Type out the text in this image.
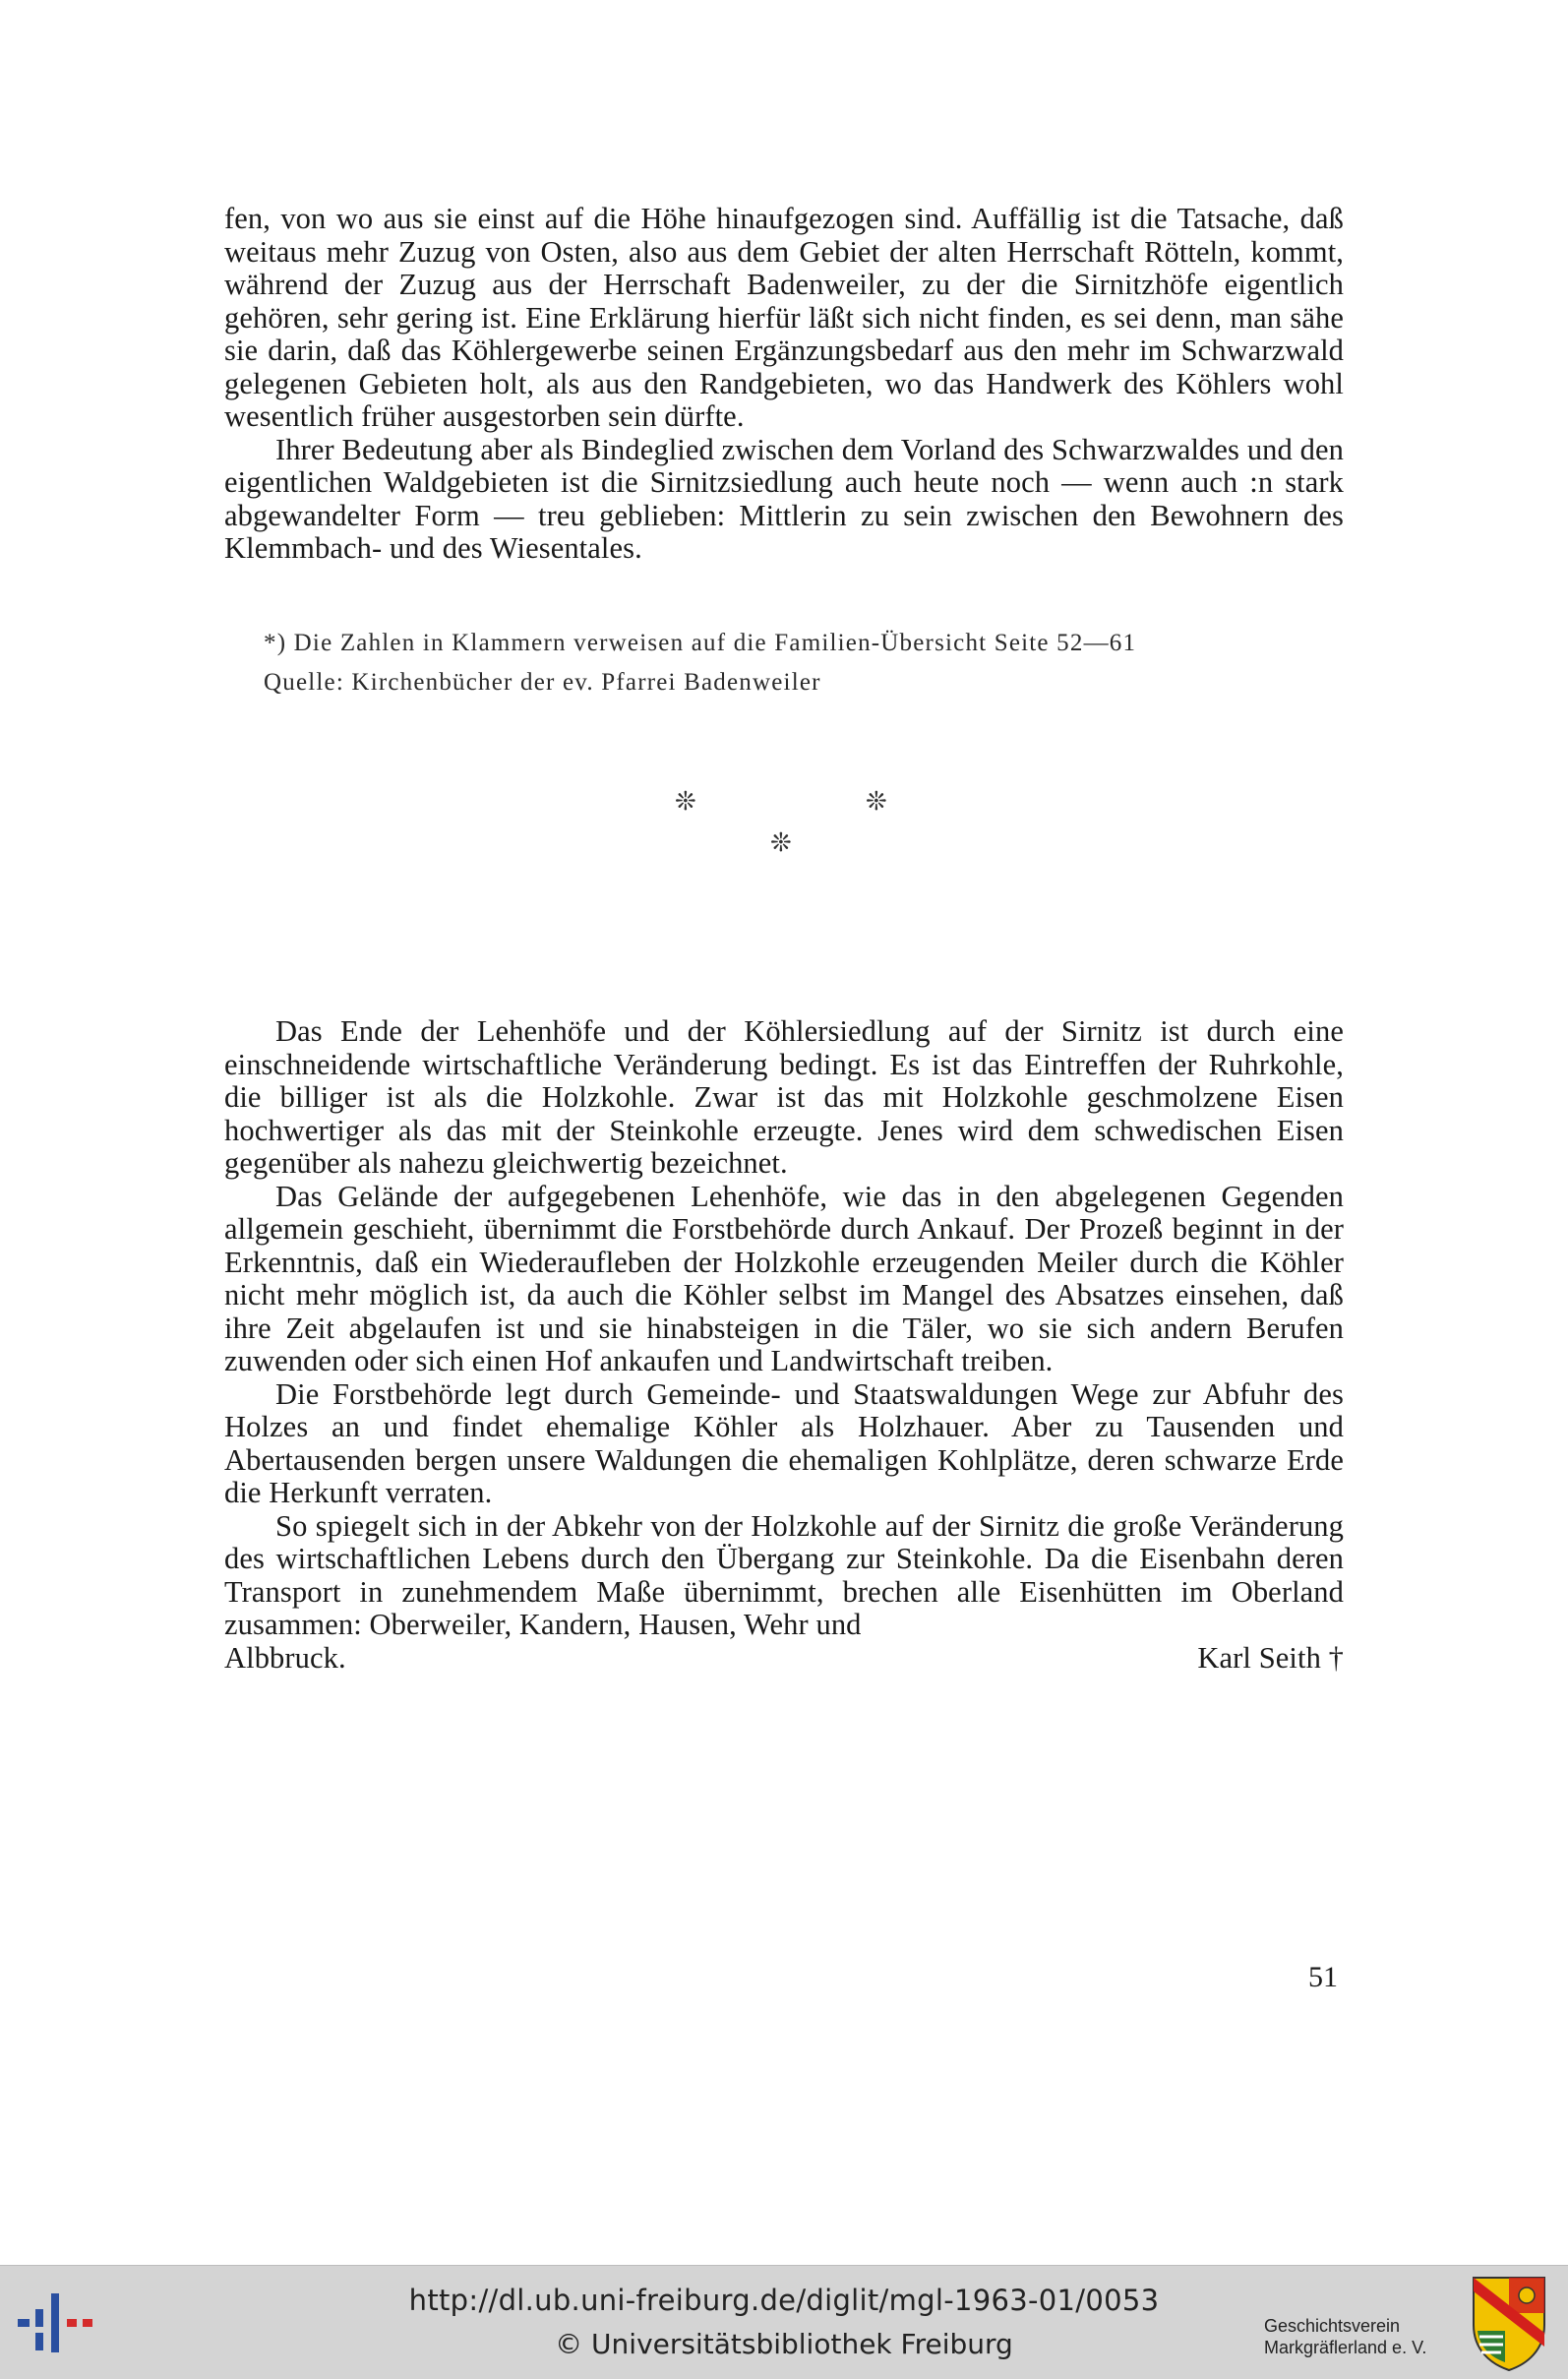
fen, von wo aus sie einst auf die Höhe hinaufgezogen sind. Auffällig ist die Tatsache, daß weitaus mehr Zuzug von Osten, also aus dem Gebiet der alten Herrschaft Rötteln, kommt, während der Zuzug aus der Herrschaft Badenweiler, zu der die Sirnitzhöfe eigentlich gehören, sehr gering ist. Eine Erklärung hierfür läßt sich nicht finden, es sei denn, man sähe sie darin, daß das Köhlergewerbe seinen Ergänzungsbedarf aus den mehr im Schwarzwald gelegenen Gebieten holt, als aus den Randgebieten, wo das Handwerk des Köhlers wohl wesentlich früher ausgestorben sein dürfte.

Ihrer Bedeutung aber als Bindeglied zwischen dem Vorland des Schwarzwaldes und den eigentlichen Waldgebieten ist die Sirnitzsiedlung auch heute noch — wenn auch :n stark abgewandelter Form — treu geblieben: Mittlerin zu sein zwischen den Bewohnern des Klemmbach- und des Wiesentales.

*) Die Zahlen in Klammern verweisen auf die Familien-Übersicht Seite 52—61
Quelle: Kirchenbücher der ev. Pfarrei Badenweiler
❊	❊
❊

Das Ende der Lehenhöfe und der Köhlersiedlung auf der Sirnitz ist durch eine einschneidende wirtschaftliche Veränderung bedingt. Es ist das Eintreffen der Ruhrkohle, die billiger ist als die Holzkohle. Zwar ist das mit Holzkohle geschmolzene Eisen hochwertiger als das mit der Steinkohle erzeugte. Jenes wird dem schwedischen Eisen gegenüber als nahezu gleichwertig bezeichnet.

Das Gelände der aufgegebenen Lehenhöfe, wie das in den abgelegenen Gegenden allgemein geschieht, übernimmt die Forstbehörde durch Ankauf. Der Prozeß beginnt in der Erkenntnis, daß ein Wiederaufleben der Holzkohle erzeugenden Meiler durch die Köhler nicht mehr möglich ist, da auch die Köhler selbst im Mangel des Absatzes einsehen, daß ihre Zeit abgelaufen ist und sie hinabsteigen in die Täler, wo sie sich andern Berufen zuwenden oder sich einen Hof ankaufen und Landwirtschaft treiben.

Die Forstbehörde legt durch Gemeinde- und Staatswaldungen Wege zur Abfuhr des Holzes an und findet ehemalige Köhler als Holzhauer. Aber zu Tausenden und Abertausenden bergen unsere Waldungen die ehemaligen Kohlplätze, deren schwarze Erde die Herkunft verraten.

So spiegelt sich in der Abkehr von der Holzkohle auf der Sirnitz die große Veränderung des wirtschaftlichen Lebens durch den Übergang zur Steinkohle. Da die Eisenbahn deren Transport in zunehmendem Maße übernimmt, brechen alle Eisenhütten im Oberland zusammen: Oberweiler, Kandern, Hausen, Wehr und

Albbruck.	Karl Seith †

51
http://dl.ub.uni-freiburg.de/diglit/mgl-1963-01/0053
© Universitätsbibliothek Freiburg
Geschichtsverein
Markgräflerland e. V.
